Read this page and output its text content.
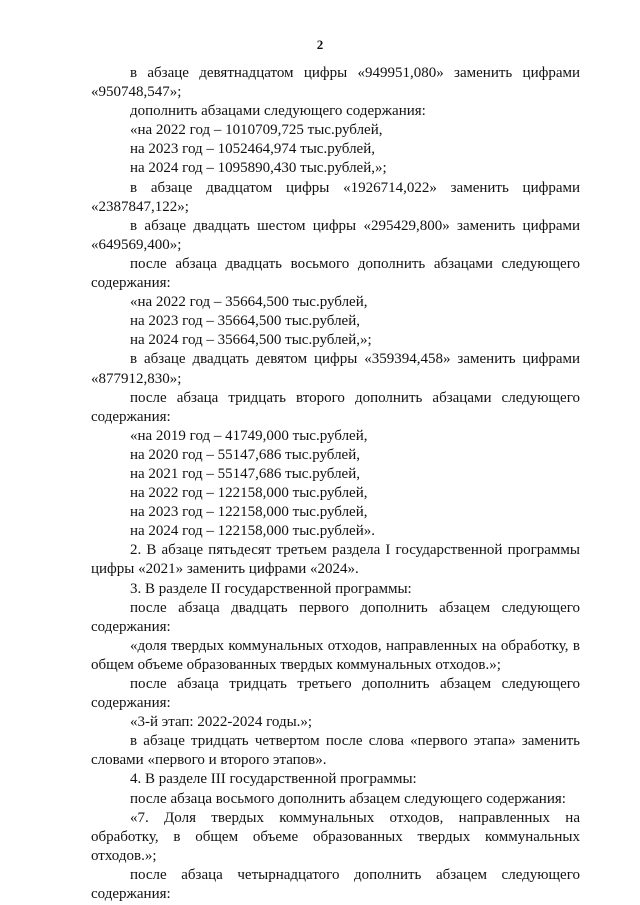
2
в абзаце девятнадцатом цифры «949951,080» заменить цифрами «950748,547»;
дополнить абзацами следующего содержания:
«на 2022 год – 1010709,725 тыс.рублей,
на 2023 год – 1052464,974 тыс.рублей,
на 2024 год – 1095890,430 тыс.рублей,»;
в абзаце двадцатом цифры «1926714,022» заменить цифрами «2387847,122»;
в абзаце двадцать шестом цифры «295429,800» заменить цифрами «649569,400»;
после абзаца двадцать восьмого дополнить абзацами следующего содержания:
«на 2022 год – 35664,500 тыс.рублей,
на 2023 год – 35664,500 тыс.рублей,
на 2024 год – 35664,500 тыс.рублей,»;
в абзаце двадцать девятом цифры «359394,458» заменить цифрами «877912,830»;
после абзаца тридцать второго дополнить абзацами следующего содержания:
«на 2019 год – 41749,000 тыс.рублей,
на 2020 год – 55147,686 тыс.рублей,
на 2021 год – 55147,686 тыс.рублей,
на 2022 год – 122158,000 тыс.рублей,
на 2023 год – 122158,000 тыс.рублей,
на 2024 год – 122158,000 тыс.рублей».
2. В абзаце пятьдесят третьем раздела I государственной программы цифры «2021» заменить цифрами «2024».
3. В разделе II государственной программы:
после абзаца двадцать первого дополнить абзацем следующего содержания:
«доля твердых коммунальных отходов, направленных на обработку, в общем объеме образованных твердых коммунальных отходов.»;
после абзаца тридцать третьего дополнить абзацем следующего содержания:
«3-й этап: 2022-2024 годы.»;
в абзаце тридцать четвертом после слова «первого этапа» заменить словами «первого и второго этапов».
4. В разделе III государственной программы:
после абзаца восьмого дополнить абзацем следующего содержания:
«7. Доля твердых коммунальных отходов, направленных на обработку, в общем объеме образованных твердых коммунальных отходов.»;
после абзаца четырнадцатого дополнить абзацем следующего содержания:
